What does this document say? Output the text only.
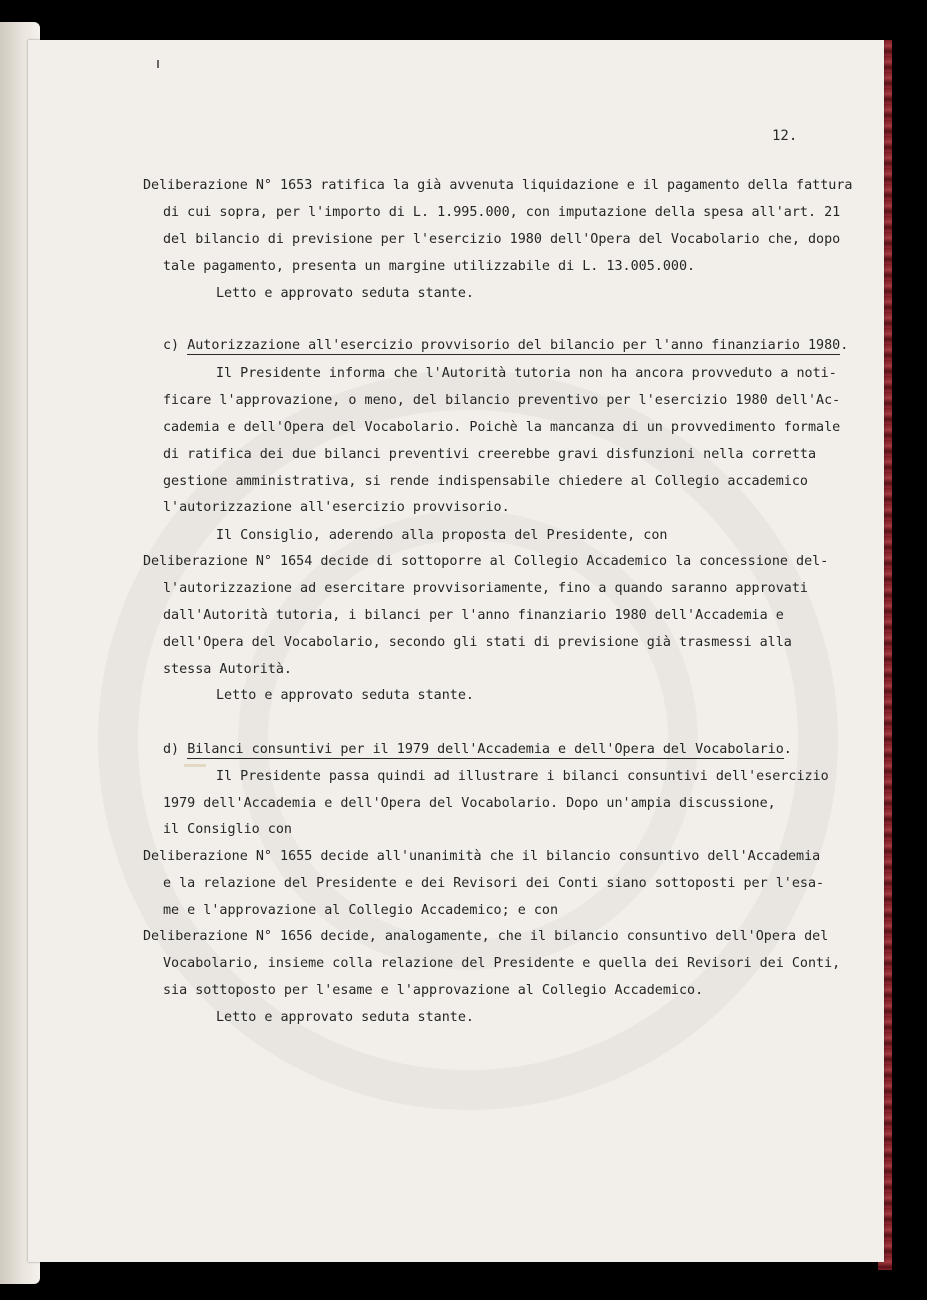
12.
Deliberazione N° 1653 ratifica la già avvenuta liquidazione e il pagamento della fattura
di cui sopra, per l'importo di L. 1.995.000, con imputazione della spesa all'art. 21
del bilancio di previsione per l'esercizio 1980 dell'Opera del Vocabolario che, dopo
tale pagamento, presenta un margine utilizzabile di L. 13.005.000.
Letto e approvato seduta stante.
c) Autorizzazione all'esercizio provvisorio del bilancio per l'anno finanziario 1980.
Il Presidente informa che l'Autorità tutoria non ha ancora provveduto a noti-
ficare l'approvazione, o meno, del bilancio preventivo per l'esercizio 1980 dell'Ac-
cademia e dell'Opera del Vocabolario. Poichè la mancanza di un provvedimento formale
di ratifica dei due bilanci preventivi creerebbe gravi disfunzioni nella corretta
gestione amministrativa, si rende indispensabile chiedere al Collegio accademico
l'autorizzazione all'esercizio provvisorio.
Il Consiglio, aderendo alla proposta del Presidente, con
Deliberazione N° 1654 decide di sottoporre al Collegio Accademico la concessione del-
l'autorizzazione ad esercitare provvisoriamente, fino a quando saranno approvati
dall'Autorità tutoria, i bilanci per l'anno finanziario 1980 dell'Accademia e
dell'Opera del Vocabolario, secondo gli stati di previsione già trasmessi alla
stessa Autorità.
Letto e approvato seduta stante.
d) Bilanci consuntivi per il 1979 dell'Accademia e dell'Opera del Vocabolario.
Il Presidente passa quindi ad illustrare i bilanci consuntivi dell'esercizio
1979 dell'Accademia e dell'Opera del Vocabolario. Dopo un'ampia discussione,
il Consiglio con
Deliberazione N° 1655 decide all'unanimità che il bilancio consuntivo dell'Accademia
e la relazione del Presidente e dei Revisori dei Conti siano sottoposti per l'esa-
me e l'approvazione al Collegio Accademico; e con
Deliberazione N° 1656 decide, analogamente, che il bilancio consuntivo dell'Opera del
Vocabolario, insieme colla relazione del Presidente e quella dei Revisori dei Conti,
sia sottoposto per l'esame e l'approvazione al Collegio Accademico.
Letto e approvato seduta stante.
